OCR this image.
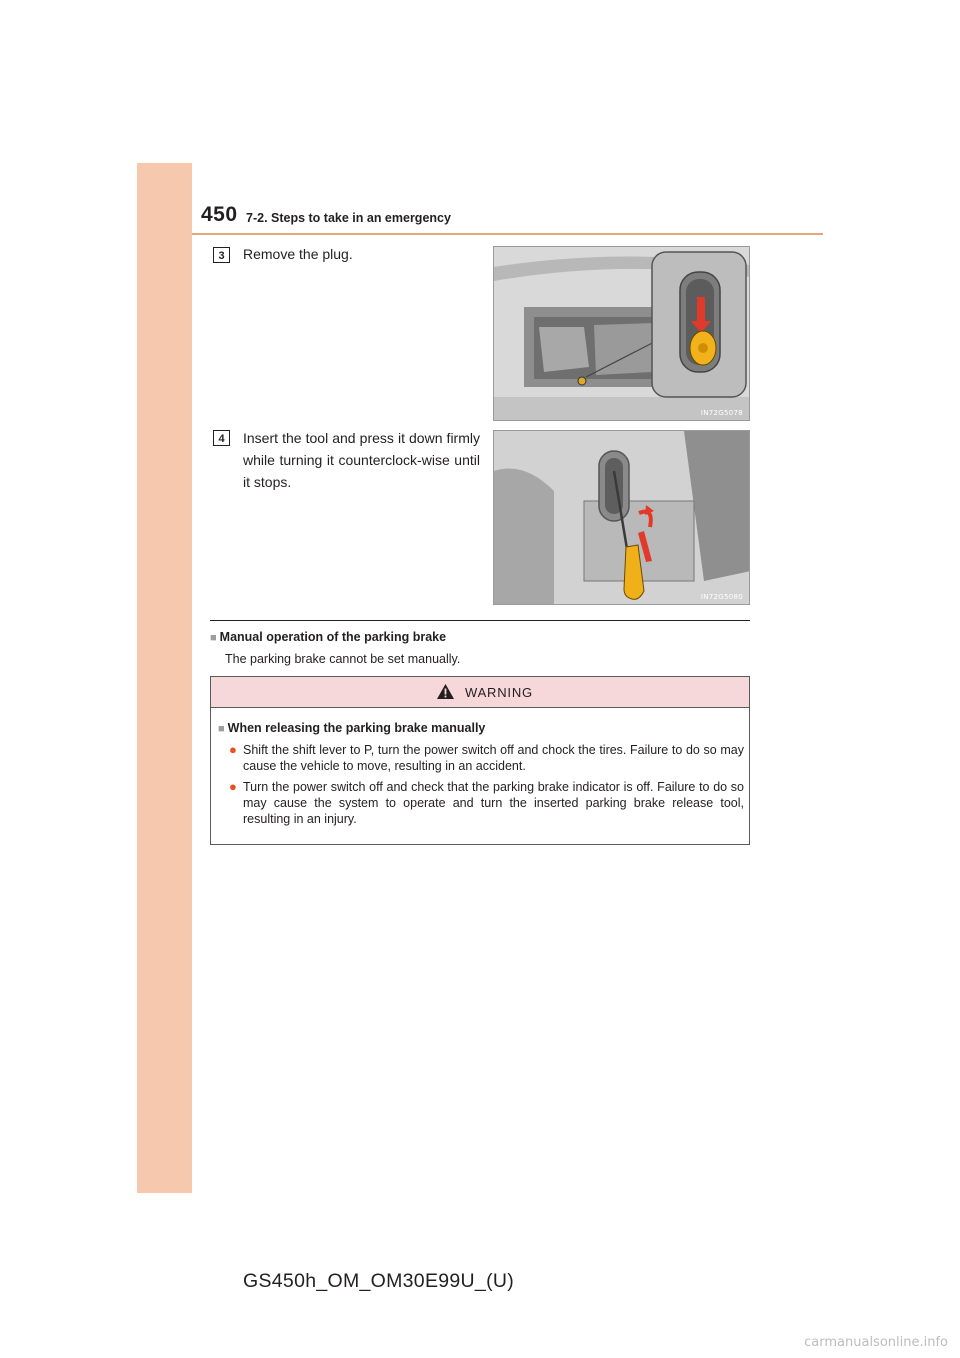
450 7-2. Steps to take in an emergency
3	Remove the plug.
IN72G5078
4	Insert the tool and press it down firmly while turning it counterclock-wise until it stops.
IN72G5080
■ Manual operation of the parking brake
The parking brake cannot be set manually.
WARNING
■ When releasing the parking brake manually
● Shift the shift lever to P, turn the power switch off and chock the tires. Failure to do so may cause the vehicle to move, resulting in an accident.
● Turn the power switch off and check that the parking brake indicator is off. Failure to do so may cause the system to operate and turn the inserted parking brake release tool, resulting in an injury.
GS450h_OM_OM30E99U_(U)
carmanualsonline.info
